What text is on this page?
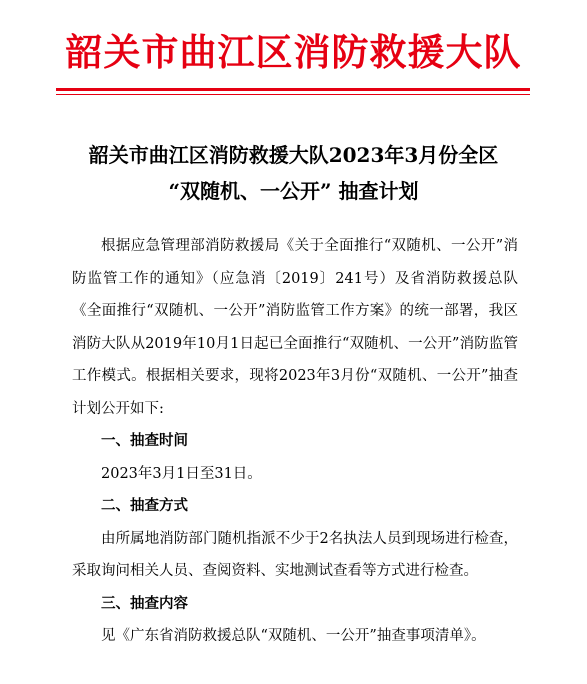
韶关市曲江区消防救援大队
韶关市曲江区消防救援大队2023年3月份全区
“双随机、一公开” 抽查计划

根据应急管理部消防救援局《关于全面推行“双随机、一公开”消防监管工作的通知》（应急消〔2019〕241号）及省消防救援总队《全面推行“双随机、一公开”消防监管工作方案》的统一部署，我区消防大队从2019年10月1日起已全面推行“双随机、一公开”消防监管工作模式。根据相关要求，现将2023年3月份“双随机、一公开”抽查计划公开如下:

一、抽查时间

2023年3月1日至31日。

二、抽查方式

由所属地消防部门随机指派不少于2名执法人员到现场进行检查，采取询问相关人员、查阅资料、实地测试查看等方式进行检查。

三、抽查内容

见《广东省消防救援总队“双随机、一公开”抽查事项清单》。
